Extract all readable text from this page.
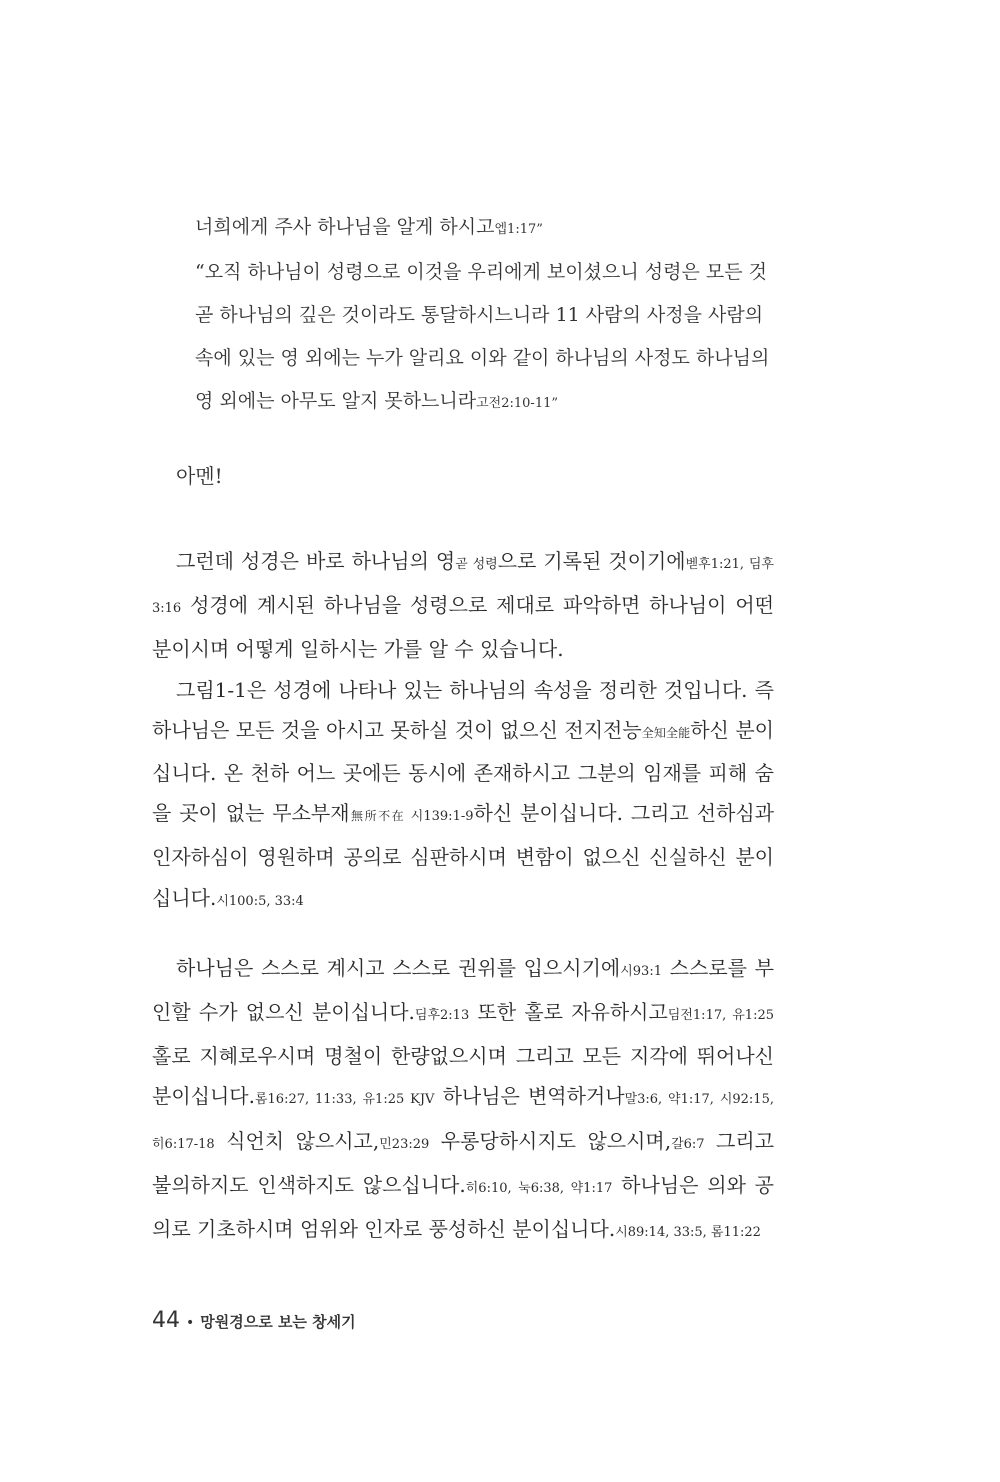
너희에게 주사 하나님을 알게 하시고엡1:17”

“오직 하나님이 성령으로 이것을 우리에게 보이셨으니 성령은 모든 것 곧 하나님의 깊은 것이라도 통달하시느니라 11 사람의 사정을 사람의 속에 있는 영 외에는 누가 알리요 이와 같이 하나님의 사정도 하나님의 영 외에는 아무도 알지 못하느니라고전2:10-11”

아멘!

그런데 성경은 바로 하나님의 영곧 성령으로 기록된 것이기에벧후1:21, 딤후3:16 성경에 계시된 하나님을 성령으로 제대로 파악하면 하나님이 어떤 분이시며 어떻게 일하시는 가를 알 수 있습니다.

그림1-1은 성경에 나타나 있는 하나님의 속성을 정리한 것입니다. 즉 하나님은 모든 것을 아시고 못하실 것이 없으신 전지전능全知全能하신 분이십니다. 온 천하 어느 곳에든 동시에 존재하시고 그분의 임재를 피해 숨을 곳이 없는 무소부재無所不在 시139:1-9하신 분이십니다. 그리고 선하심과 인자하심이 영원하며 공의로 심판하시며 변함이 없으신 신실하신 분이십니다.시100:5, 33:4

하나님은 스스로 계시고 스스로 권위를 입으시기에시93:1 스스로를 부인할 수가 없으신 분이십니다.딤후2:13 또한 홀로 자유하시고딤전1:17, 유1:25 홀로 지혜로우시며 명철이 한량없으시며 그리고 모든 지각에 뛰어나신 분이십니다.롬16:27, 11:33, 유1:25 KJV 하나님은 변역하거나말3:6, 약1:17, 시92:15, 히6:17-18 식언치 않으시고,민23:29 우롱당하시지도 않으시며,갈6:7 그리고 불의하지도 인색하지도 않으십니다.히6:10, 눅6:38, 약1:17 하나님은 의와 공의로 기초하시며 엄위와 인자로 풍성하신 분이십니다.시89:14, 33:5, 롬11:22

44 • 망원경으로 보는 창세기
